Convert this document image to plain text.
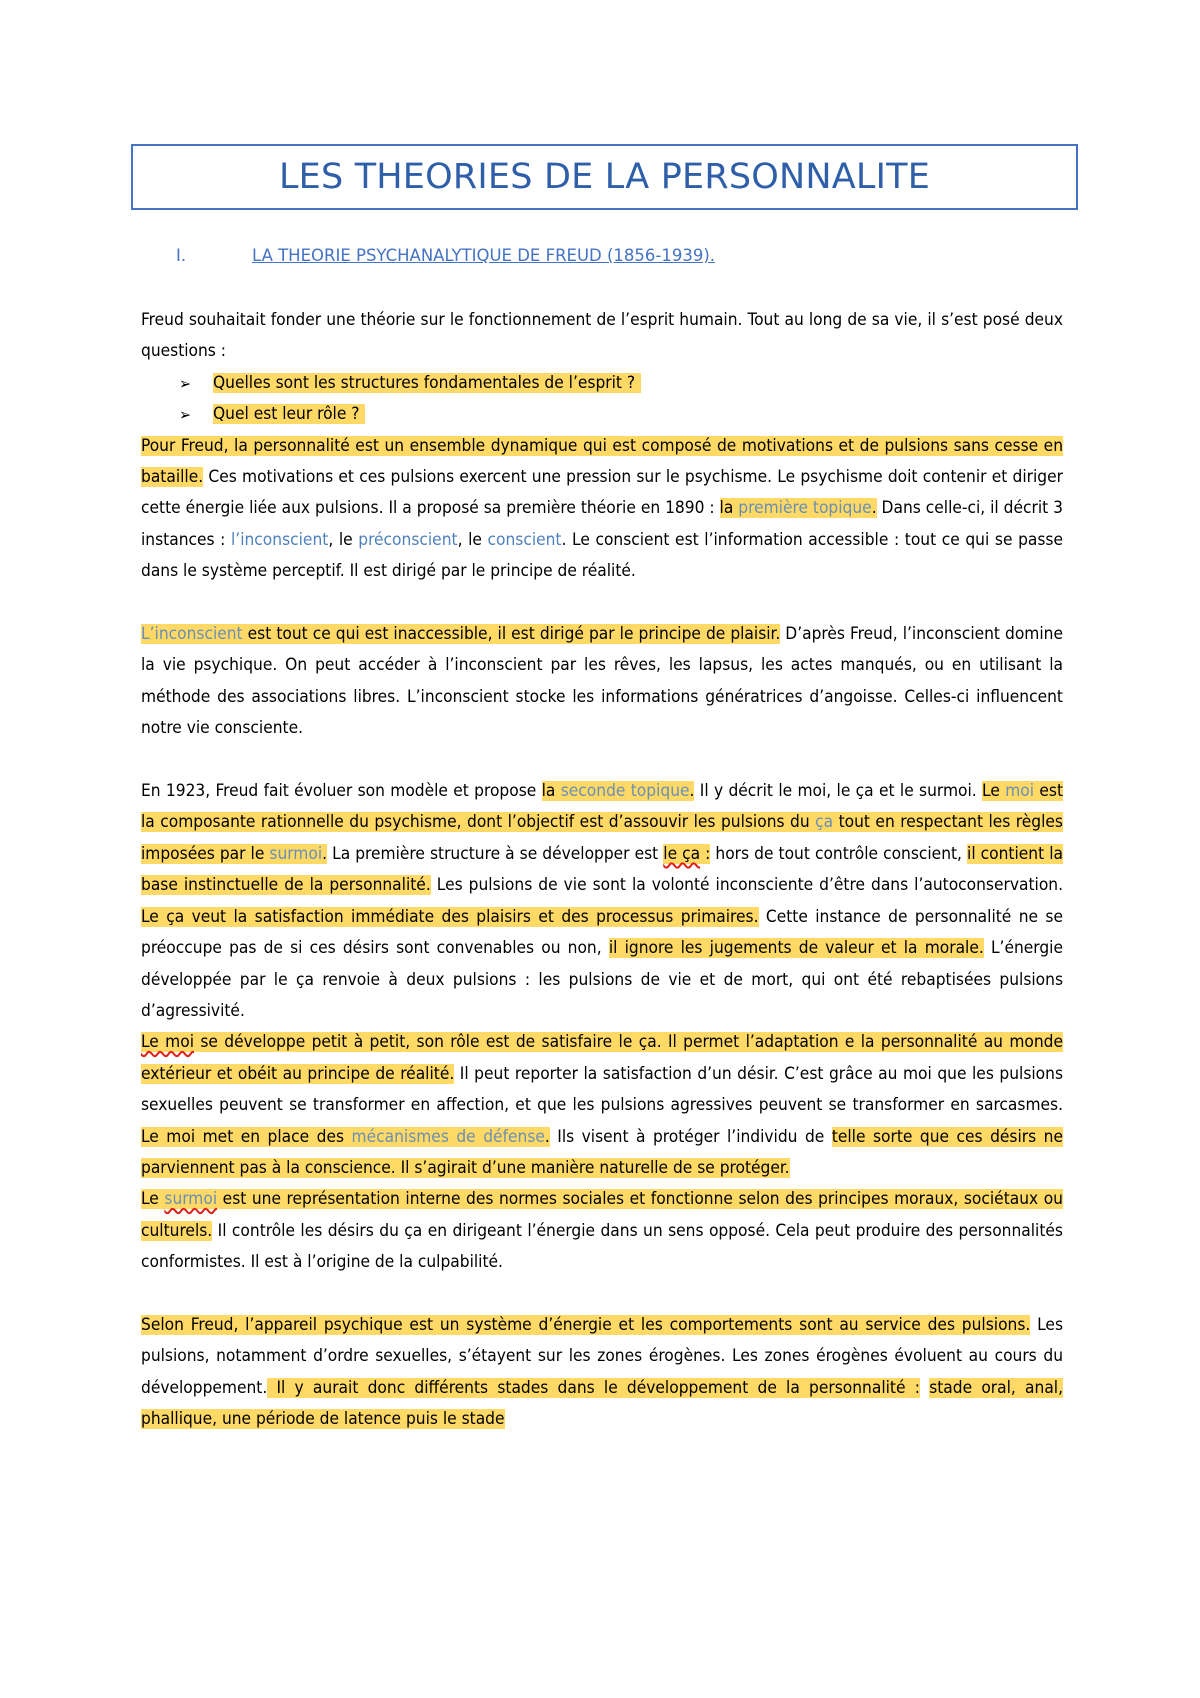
LES THEORIES DE LA PERSONNALITE
I.	LA THEORIE PSYCHANALYTIQUE DE FREUD (1856-1939).

Freud souhaitait fonder une théorie sur le fonctionnement de l’esprit humain. Tout au long de sa vie, il s’est posé deux questions :

➢ Quelles sont les structures fondamentales de l’esprit ?
➢ Quel est leur rôle ?

Pour Freud, la personnalité est un ensemble dynamique qui est composé de motivations et de pulsions sans cesse en bataille. Ces motivations et ces pulsions exercent une pression sur le psychisme. Le psychisme doit contenir et diriger cette énergie liée aux pulsions. Il a proposé sa première théorie en 1890 : la première topique. Dans celle-ci, il décrit 3 instances : l’inconscient, le préconscient, le conscient. Le conscient est l’information accessible : tout ce qui se passe dans le système perceptif. Il est dirigé par le principe de réalité.

L’inconscient est tout ce qui est inaccessible, il est dirigé par le principe de plaisir. D’après Freud, l’inconscient domine la vie psychique. On peut accéder à l’inconscient par les rêves, les lapsus, les actes manqués, ou en utilisant la méthode des associations libres. L’inconscient stocke les informations génératrices d’angoisse. Celles-ci influencent notre vie consciente.

En 1923, Freud fait évoluer son modèle et propose la seconde topique. Il y décrit le moi, le ça et le surmoi. Le moi est la composante rationnelle du psychisme, dont l’objectif est d’assouvir les pulsions du ça tout en respectant les règles imposées par le surmoi. La première structure à se développer est le ça : hors de tout contrôle conscient, il contient la base instinctuelle de la personnalité. Les pulsions de vie sont la volonté inconsciente d’être dans l’autoconservation. Le ça veut la satisfaction immédiate des plaisirs et des processus primaires. Cette instance de personnalité ne se préoccupe pas de si ces désirs sont convenables ou non, il ignore les jugements de valeur et la morale. L’énergie développée par le ça renvoie à deux pulsions : les pulsions de vie et de mort, qui ont été rebaptisées pulsions d’agressivité.

Le moi se développe petit à petit, son rôle est de satisfaire le ça. Il permet l’adaptation e la personnalité au monde extérieur et obéit au principe de réalité. Il peut reporter la satisfaction d’un désir. C’est grâce au moi que les pulsions sexuelles peuvent se transformer en affection, et que les pulsions agressives peuvent se transformer en sarcasmes. Le moi met en place des mécanismes de défense. Ils visent à protéger l’individu de telle sorte que ces désirs ne parviennent pas à la conscience. Il s’agirait d’une manière naturelle de se protéger.

Le surmoi est une représentation interne des normes sociales et fonctionne selon des principes moraux, sociétaux ou culturels. Il contrôle les désirs du ça en dirigeant l’énergie dans un sens opposé. Cela peut produire des personnalités conformistes. Il est à l’origine de la culpabilité.

Selon Freud, l’appareil psychique est un système d’énergie et les comportements sont au service des pulsions. Les pulsions, notamment d’ordre sexuelles, s’étayent sur les zones érogènes. Les zones érogènes évoluent au cours du développement. Il y aurait donc différents stades dans le développement de la personnalité : stade oral, anal, phallique, une période de latence puis le stade
